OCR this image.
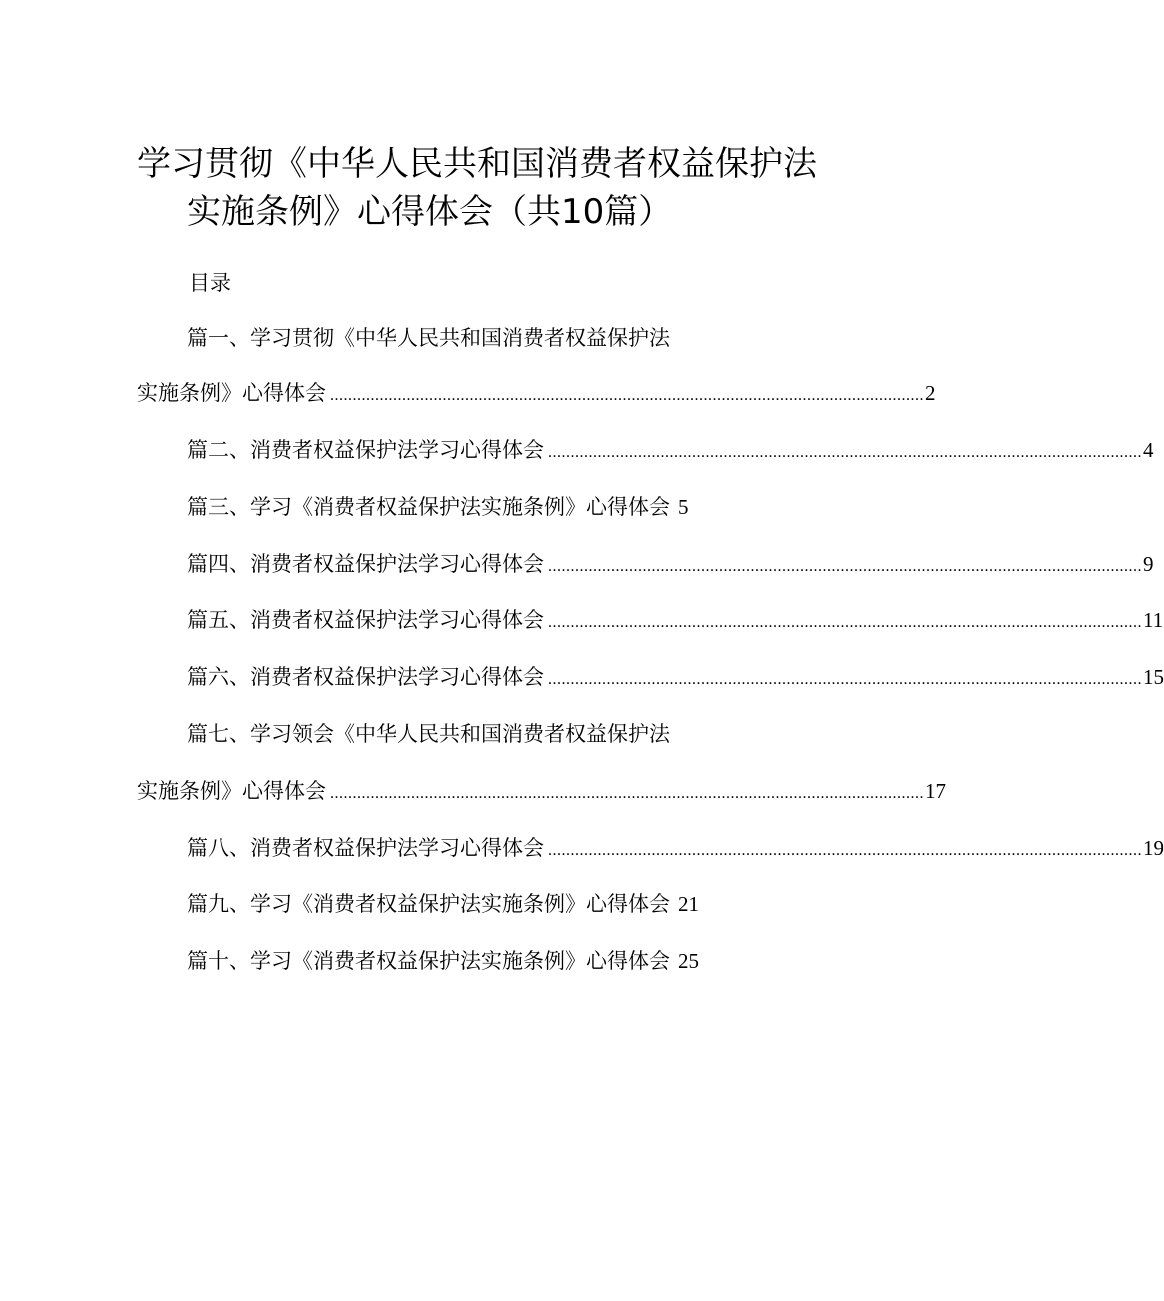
学习贯彻《中华人民共和国消费者权益保护法
实施条例》心得体会（共10篇）
目录
篇一、学习贯彻《中华人民共和国消费者权益保护法
实施条例》心得体会 .................................................................................................................................... 2
篇二、消费者权益保护法学习心得体会 .................................................................................................................................... 4
篇三、学习《消费者权益保护法实施条例》心得体会 5
篇四、消费者权益保护法学习心得体会 .................................................................................................................................... 9
篇五、消费者权益保护法学习心得体会 .................................................................................................................................... 11
篇六、消费者权益保护法学习心得体会 .................................................................................................................................... 15
篇七、学习领会《中华人民共和国消费者权益保护法
实施条例》心得体会 .................................................................................................................................... 17
篇八、消费者权益保护法学习心得体会 .................................................................................................................................... 19
篇九、学习《消费者权益保护法实施条例》心得体会 21
篇十、学习《消费者权益保护法实施条例》心得体会 25
